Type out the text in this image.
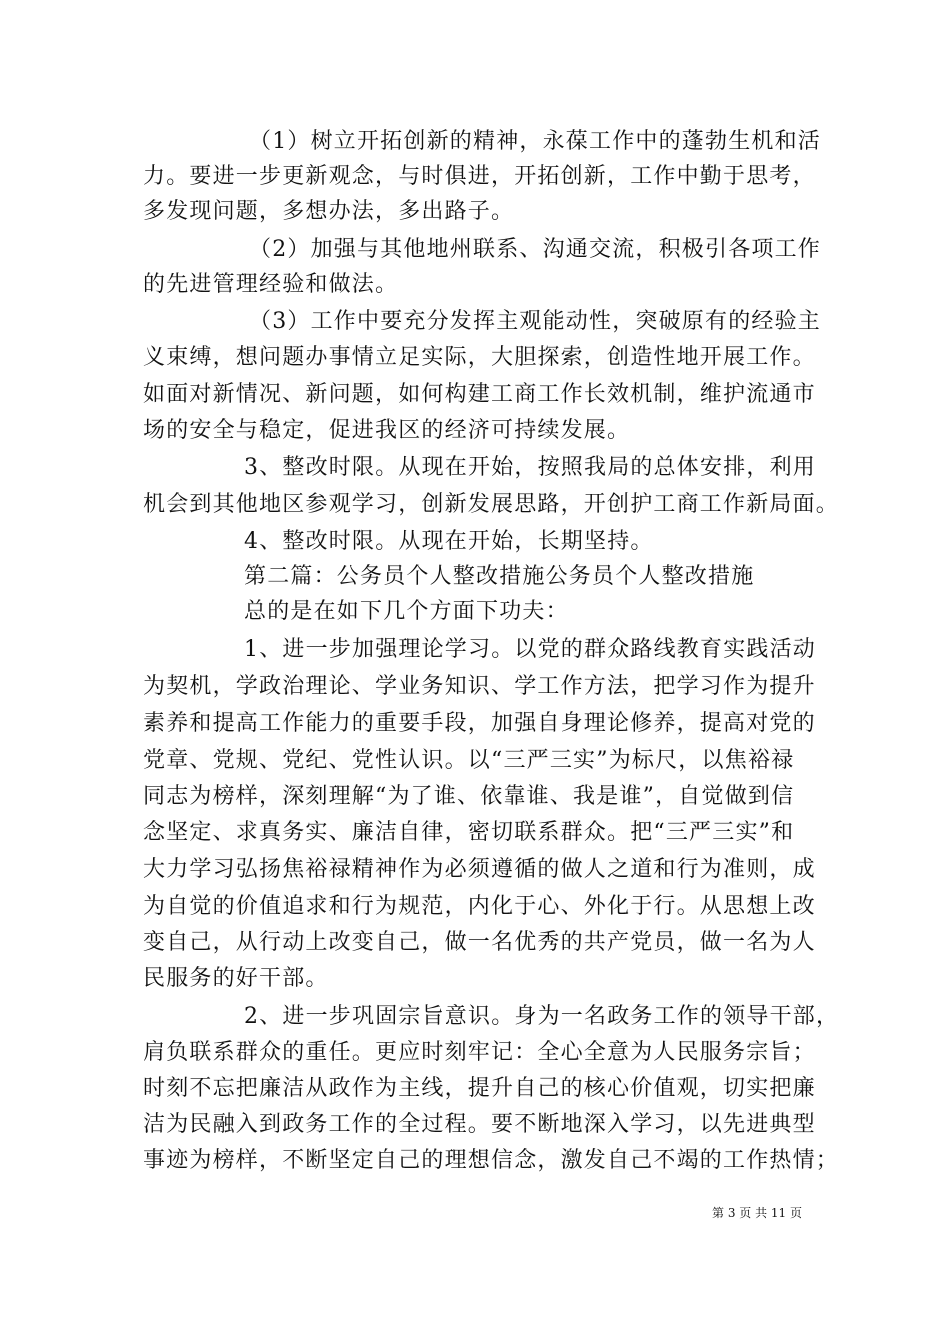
（1）树立开拓创新的精神，永葆工作中的蓬勃生机和活
力。要进一步更新观念，与时俱进，开拓创新，工作中勤于思考，
多发现问题，多想办法，多出路子。
（2）加强与其他地州联系、沟通交流，积极引各项工作
的先进管理经验和做法。
（3）工作中要充分发挥主观能动性，突破原有的经验主
义束缚，想问题办事情立足实际，大胆探索，创造性地开展工作。
如面对新情况、新问题，如何构建工商工作长效机制，维护流通市
场的安全与稳定，促进我区的经济可持续发展。
3、整改时限。从现在开始，按照我局的总体安排，利用
机会到其他地区参观学习，创新发展思路，开创护工商工作新局面。
4、整改时限。从现在开始，长期坚持。
第二篇：公务员个人整改措施公务员个人整改措施
总的是在如下几个方面下功夫：
1、进一步加强理论学习。以党的群众路线教育实践活动
为契机，学政治理论、学业务知识、学工作方法，把学习作为提升
素养和提高工作能力的重要手段，加强自身理论修养，提高对党的
党章、党规、党纪、党性认识。以“三严三实”为标尺，以焦裕禄
同志为榜样，深刻理解“为了谁、依靠谁、我是谁”，自觉做到信
念坚定、求真务实、廉洁自律，密切联系群众。把“三严三实”和
大力学习弘扬焦裕禄精神作为必须遵循的做人之道和行为准则，成
为自觉的价值追求和行为规范，内化于心、外化于行。从思想上改
变自己，从行动上改变自己，做一名优秀的共产党员，做一名为人
民服务的好干部。
2、进一步巩固宗旨意识。身为一名政务工作的领导干部，
肩负联系群众的重任。更应时刻牢记：全心全意为人民服务宗旨；
时刻不忘把廉洁从政作为主线，提升自己的核心价值观，切实把廉
洁为民融入到政务工作的全过程。要不断地深入学习，以先进典型
事迹为榜样，不断坚定自己的理想信念，激发自己不竭的工作热情；
第 3 页 共 11 页
